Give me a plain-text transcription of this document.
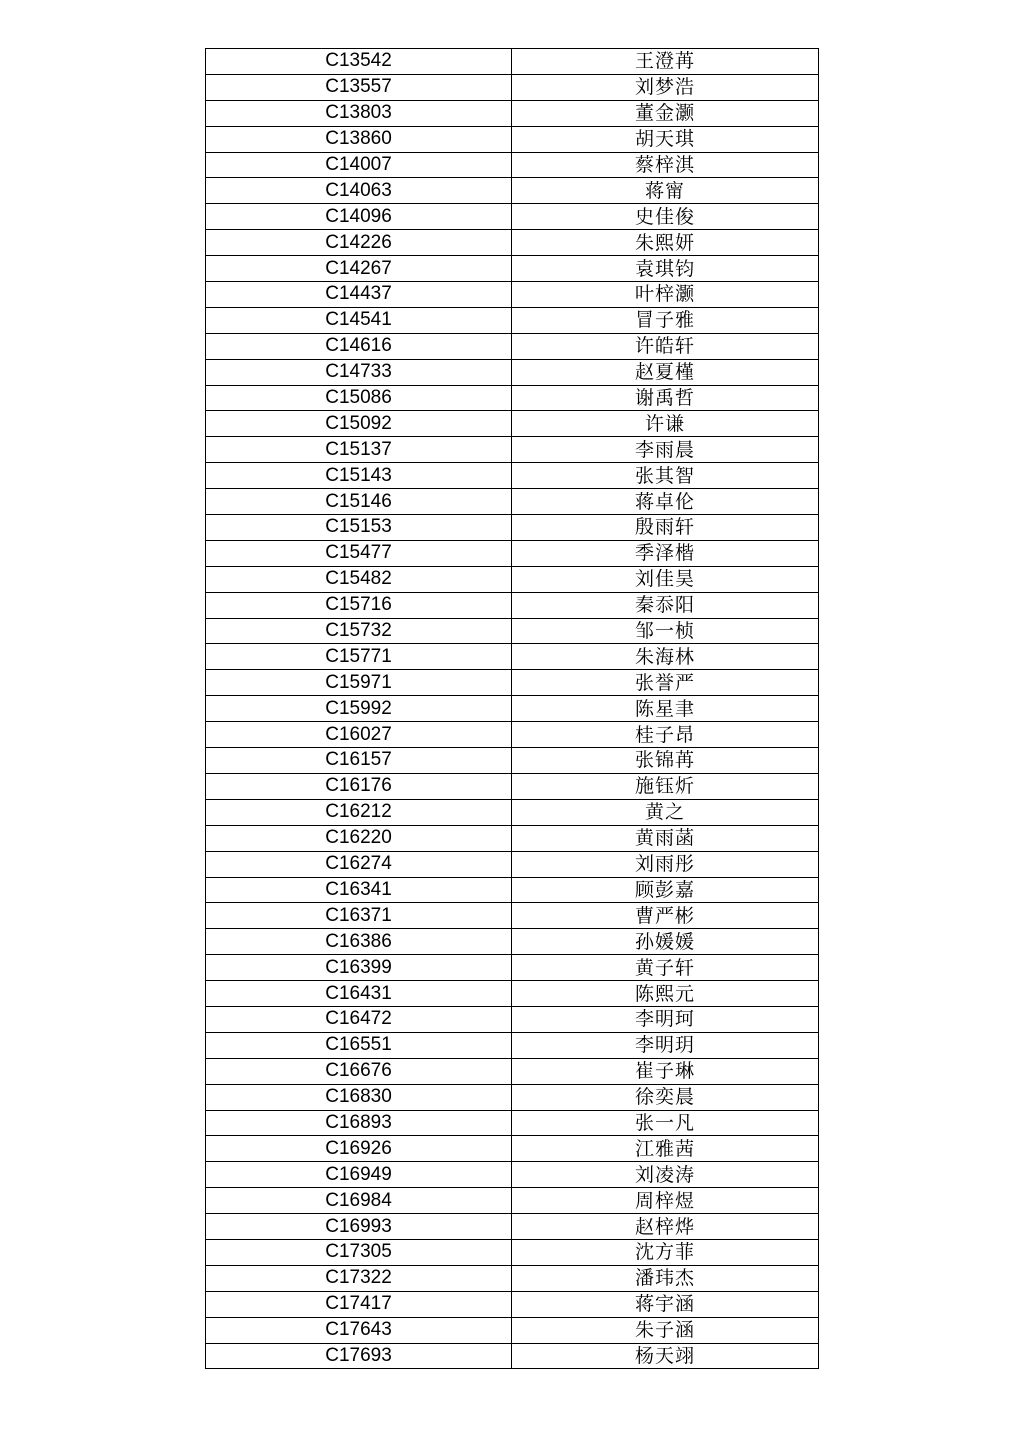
C13542	王澄苒
C13557	刘梦浩
C13803	董金灏
C13860	胡天琪
C14007	蔡梓淇
C14063	蒋甯
C14096	史佳俊
C14226	朱熙妍
C14267	袁琪钧
C14437	叶梓灏
C14541	冒子雅
C14616	许皓轩
C14733	赵夏槿
C15086	谢禹哲
C15092	许谦
C15137	李雨晨
C15143	张其智
C15146	蒋卓伦
C15153	殷雨轩
C15477	季泽楷
C15482	刘佳昊
C15716	秦忝阳
C15732	邹一桢
C15771	朱海林
C15971	张誉严
C15992	陈星聿
C16027	桂子昂
C16157	张锦苒
C16176	施钰炘
C16212	黄之
C16220	黄雨菡
C16274	刘雨彤
C16341	顾彭嘉
C16371	曹严彬
C16386	孙媛媛
C16399	黄子轩
C16431	陈熙元
C16472	李明珂
C16551	李明玥
C16676	崔子琳
C16830	徐奕晨
C16893	张一凡
C16926	江雅茜
C16949	刘凌涛
C16984	周梓煜
C16993	赵梓烨
C17305	沈方菲
C17322	潘玮杰
C17417	蒋宇涵
C17643	朱子涵
C17693	杨天翊
